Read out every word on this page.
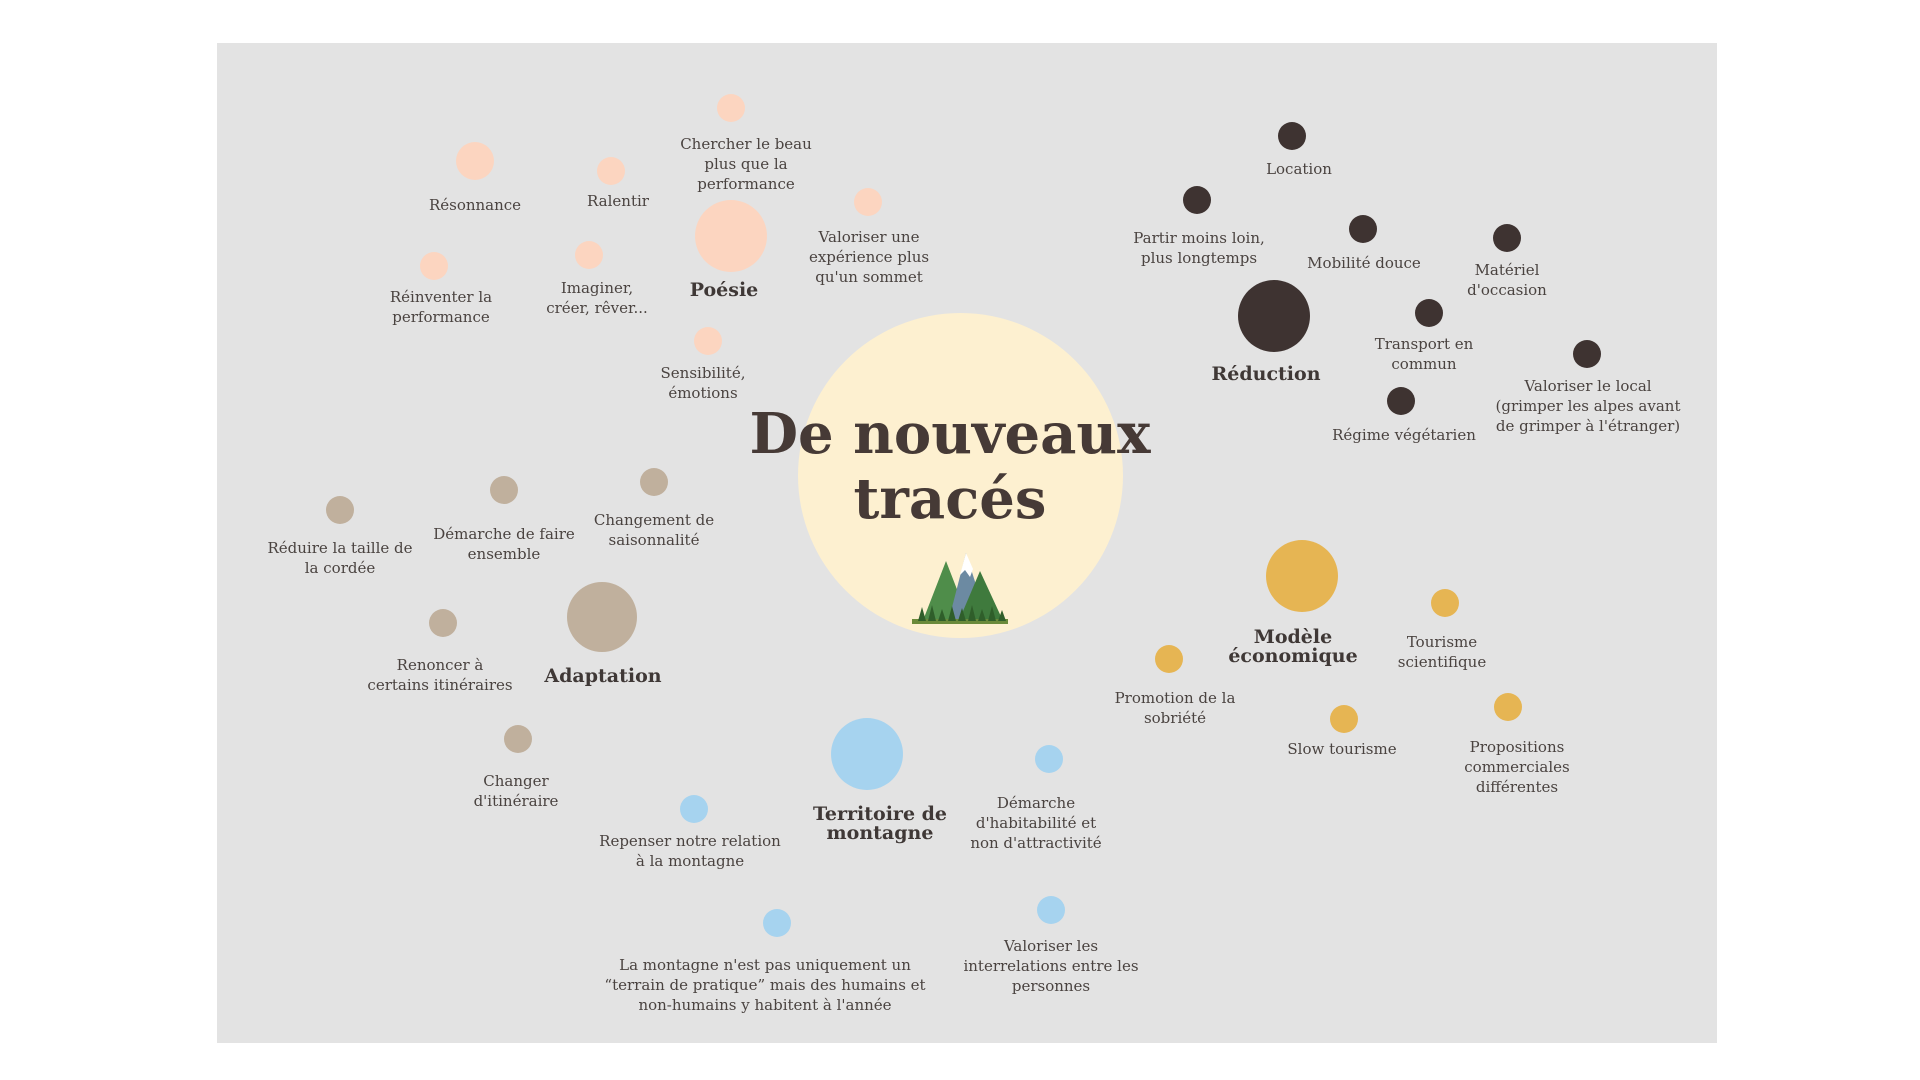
De nouveaux
tracés
Poésie
Résonnance	Ralentir
Chercher le beau
plus que la
performance
Valoriser une
expérience plus
qu'un sommet
Réinventer la
performance
Imaginer,
créer, rêver...
Sensibilité,
émotions
Réduction
Location
Partir moins loin,
plus longtemps	Mobilité douce	Matériel
d'occasion
Transport en
commun
Valoriser le local
(grimper les alpes avant
de grimper à l'étranger)
Régime végétarien
Adaptation
Réduire la taille de
la cordée
Démarche de faire
ensemble
Changement de
saisonnalité
Renoncer à
certains itinéraires
Changer
d'itinéraire
Territoire de
montagne
Repenser notre relation
à la montagne
Démarche
d'habitabilité et
non d'attractivité
La montagne n'est pas uniquement un
“terrain de pratique” mais des humains et
non-humains y habitent à l'année
Valoriser les
interrelations entre les
personnes
Modèle
économique
Tourisme
scientifique
Promotion de la
sobriété
Slow tourisme	Propositions
commerciales
différentes
